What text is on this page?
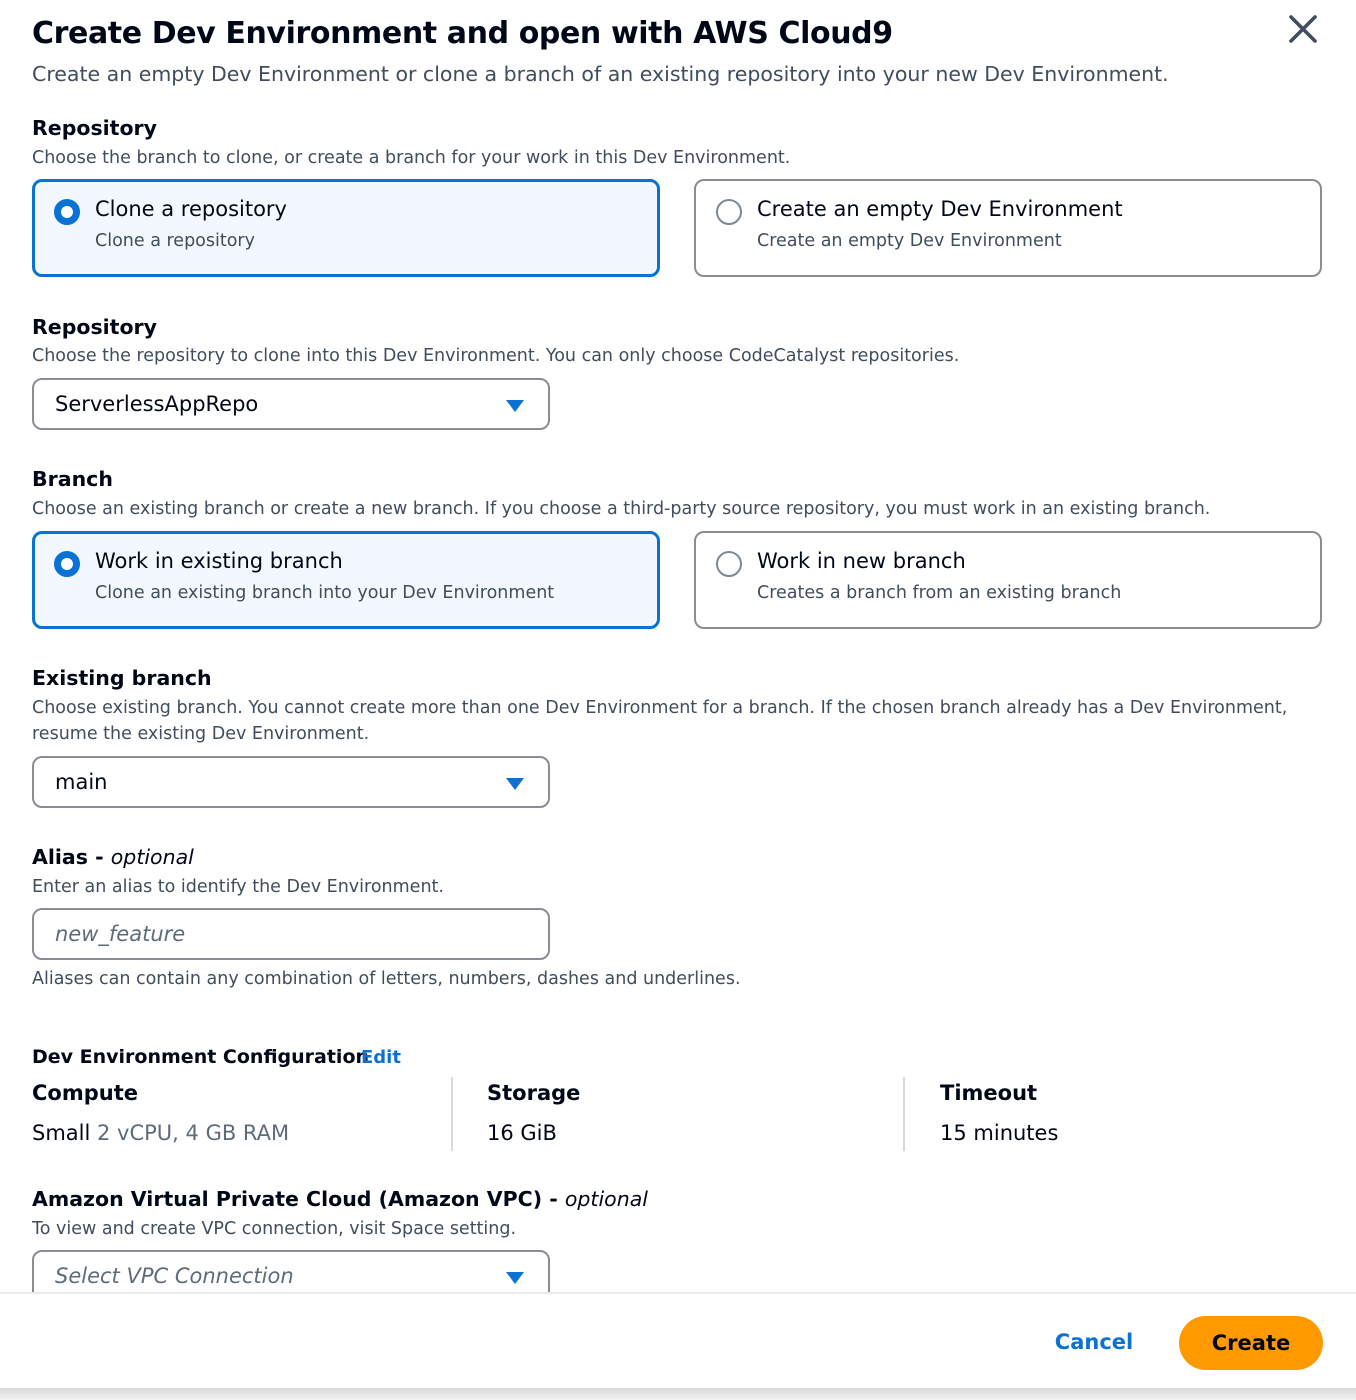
Create Dev Environment and open with AWS Cloud9
Create an empty Dev Environment or clone a branch of an existing repository into your new Dev Environment.
Repository
Choose the branch to clone, or create a branch for your work in this Dev Environment.
Clone a repository
Clone a repository
Create an empty Dev Environment
Create an empty Dev Environment
Repository
Choose the repository to clone into this Dev Environment. You can only choose CodeCatalyst repositories.
ServerlessAppRepo
Branch
Choose an existing branch or create a new branch. If you choose a third-party source repository, you must work in an existing branch.
Work in existing branch
Clone an existing branch into your Dev Environment
Work in new branch
Creates a branch from an existing branch
Existing branch
Choose existing branch. You cannot create more than one Dev Environment for a branch. If the chosen branch already has a Dev Environment,
resume the existing Dev Environment.
main
Alias - optional
Enter an alias to identify the Dev Environment.
new_feature
Aliases can contain any combination of letters, numbers, dashes and underlines.
Dev Environment Configuration
Edit
Compute
Small 2 vCPU, 4 GB RAM
Storage
16 GiB
Timeout
15 minutes
Amazon Virtual Private Cloud (Amazon VPC) - optional
To view and create VPC connection, visit Space setting.
Select VPC Connection
Cancel	Create
